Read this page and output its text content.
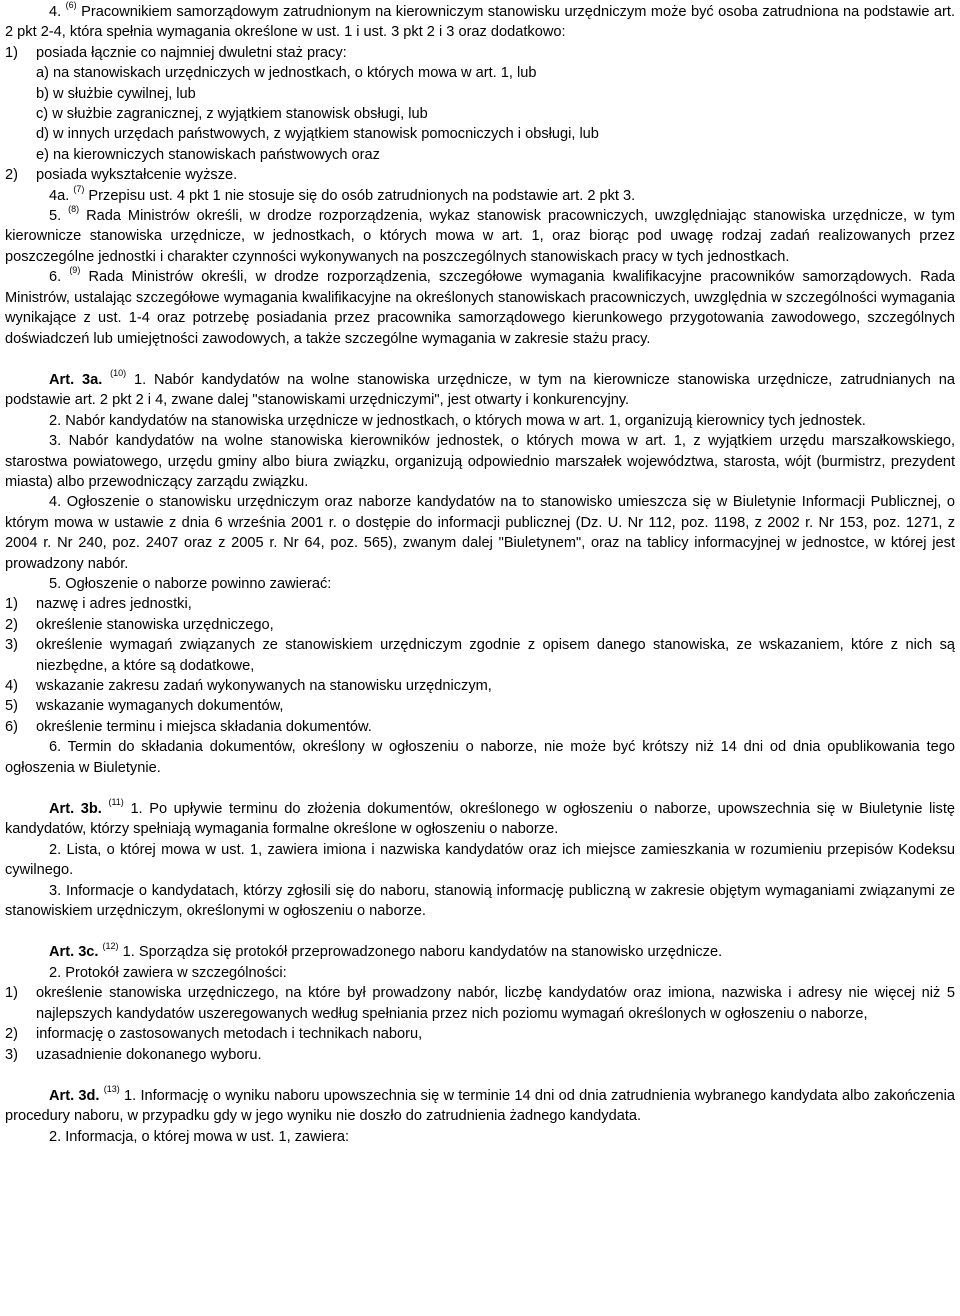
4. $^{(6)}$ Pracownikiem samorządowym zatrudnionym na kierowniczym stanowisku urzędniczym może być osoba zatrudniona na podstawie art. 2 pkt 2-4, która spełnia wymagania określone w ust. 1 i ust. 3 pkt 2 i 3 oraz dodatkowo:

1)	posiada łącznie co najmniej dwuletni staż pracy:

a) na stanowiskach urzędniczych w jednostkach, o których mowa w art. 1, lub

b) w służbie cywilnej, lub

c) w służbie zagranicznej, z wyjątkiem stanowisk obsługi, lub

d) w innych urzędach państwowych, z wyjątkiem stanowisk pomocniczych i obsługi, lub

e) na kierowniczych stanowiskach państwowych oraz

2)	posiada wykształcenie wyższe.

4a. $^{(7)}$ Przepisu ust. 4 pkt 1 nie stosuje się do osób zatrudnionych na podstawie art. 2 pkt 3.

5. $^{(8)}$ Rada Ministrów określi, w drodze rozporządzenia, wykaz stanowisk pracowniczych, uwzględniając stanowiska urzędnicze, w tym kierownicze stanowiska urzędnicze, w jednostkach, o których mowa w art. 1, oraz biorąc pod uwagę rodzaj zadań realizowanych przez poszczególne jednostki i charakter czynności wykonywanych na poszczególnych stanowiskach pracy w tych jednostkach.

6. $^{(9)}$ Rada Ministrów określi, w drodze rozporządzenia, szczegółowe wymagania kwalifikacyjne pracowników samorządowych. Rada Ministrów, ustalając szczegółowe wymagania kwalifikacyjne na określonych stanowiskach pracowniczych, uwzględnia w szczególności wymagania wynikające z ust. 1-4 oraz potrzebę posiadania przez pracownika samorządowego kierunkowego przygotowania zawodowego, szczególnych doświadczeń lub umiejętności zawodowych, a także szczególne wymagania w zakresie stażu pracy.

Art. 3a. $^{(10)}$ 1. Nabór kandydatów na wolne stanowiska urzędnicze, w tym na kierownicze stanowiska urzędnicze, zatrudnianych na podstawie art. 2 pkt 2 i 4, zwane dalej "stanowiskami urzędniczymi", jest otwarty i konkurencyjny.

2. Nabór kandydatów na stanowiska urzędnicze w jednostkach, o których mowa w art. 1, organizują kierownicy tych jednostek.

3. Nabór kandydatów na wolne stanowiska kierowników jednostek, o których mowa w art. 1, z wyjątkiem urzędu marszałkowskiego, starostwa powiatowego, urzędu gminy albo biura związku, organizują odpowiednio marszałek województwa, starosta, wójt (burmistrz, prezydent miasta) albo przewodniczący zarządu związku.

4. Ogłoszenie o stanowisku urzędniczym oraz naborze kandydatów na to stanowisko umieszcza się w Biuletynie Informacji Publicznej, o którym mowa w ustawie z dnia 6 września 2001 r. o dostępie do informacji publicznej (Dz. U. Nr 112, poz. 1198, z 2002 r. Nr 153, poz. 1271, z 2004 r. Nr 240, poz. 2407 oraz z 2005 r. Nr 64, poz. 565), zwanym dalej "Biuletynem", oraz na tablicy informacyjnej w jednostce, w której jest prowadzony nabór.

5. Ogłoszenie o naborze powinno zawierać:

1)	nazwę i adres jednostki,
2)	określenie stanowiska urzędniczego,
3)	określenie wymagań związanych ze stanowiskiem urzędniczym zgodnie z opisem danego stanowiska, ze wskazaniem, które z nich są niezbędne, a które są dodatkowe,
4)	wskazanie zakresu zadań wykonywanych na stanowisku urzędniczym,
5)	wskazanie wymaganych dokumentów,
6)	określenie terminu i miejsca składania dokumentów.

6. Termin do składania dokumentów, określony w ogłoszeniu o naborze, nie może być krótszy niż 14 dni od dnia opublikowania tego ogłoszenia w Biuletynie.

Art. 3b. $^{(11)}$ 1. Po upływie terminu do złożenia dokumentów, określonego w ogłoszeniu o naborze, upowszechnia się w Biuletynie listę kandydatów, którzy spełniają wymagania formalne określone w ogłoszeniu o naborze.

2. Lista, o której mowa w ust. 1, zawiera imiona i nazwiska kandydatów oraz ich miejsce zamieszkania w rozumieniu przepisów Kodeksu cywilnego.

3. Informacje o kandydatach, którzy zgłosili się do naboru, stanowią informację publiczną w zakresie objętym wymaganiami związanymi ze stanowiskiem urzędniczym, określonymi w ogłoszeniu o naborze.

Art. 3c. $^{(12)}$ 1. Sporządza się protokół przeprowadzonego naboru kandydatów na stanowisko urzędnicze.

2. Protokół zawiera w szczególności:

1)	określenie stanowiska urzędniczego, na które był prowadzony nabór, liczbę kandydatów oraz imiona, nazwiska i adresy nie więcej niż 5 najlepszych kandydatów uszeregowanych według spełniania przez nich poziomu wymagań określonych w ogłoszeniu o naborze,
2)	informację o zastosowanych metodach i technikach naboru,
3)	uzasadnienie dokonanego wyboru.

Art. 3d. $^{(13)}$ 1. Informację o wyniku naboru upowszechnia się w terminie 14 dni od dnia zatrudnienia wybranego kandydata albo zakończenia procedury naboru, w przypadku gdy w jego wyniku nie doszło do zatrudnienia żadnego kandydata.

2. Informacja, o której mowa w ust. 1, zawiera:
